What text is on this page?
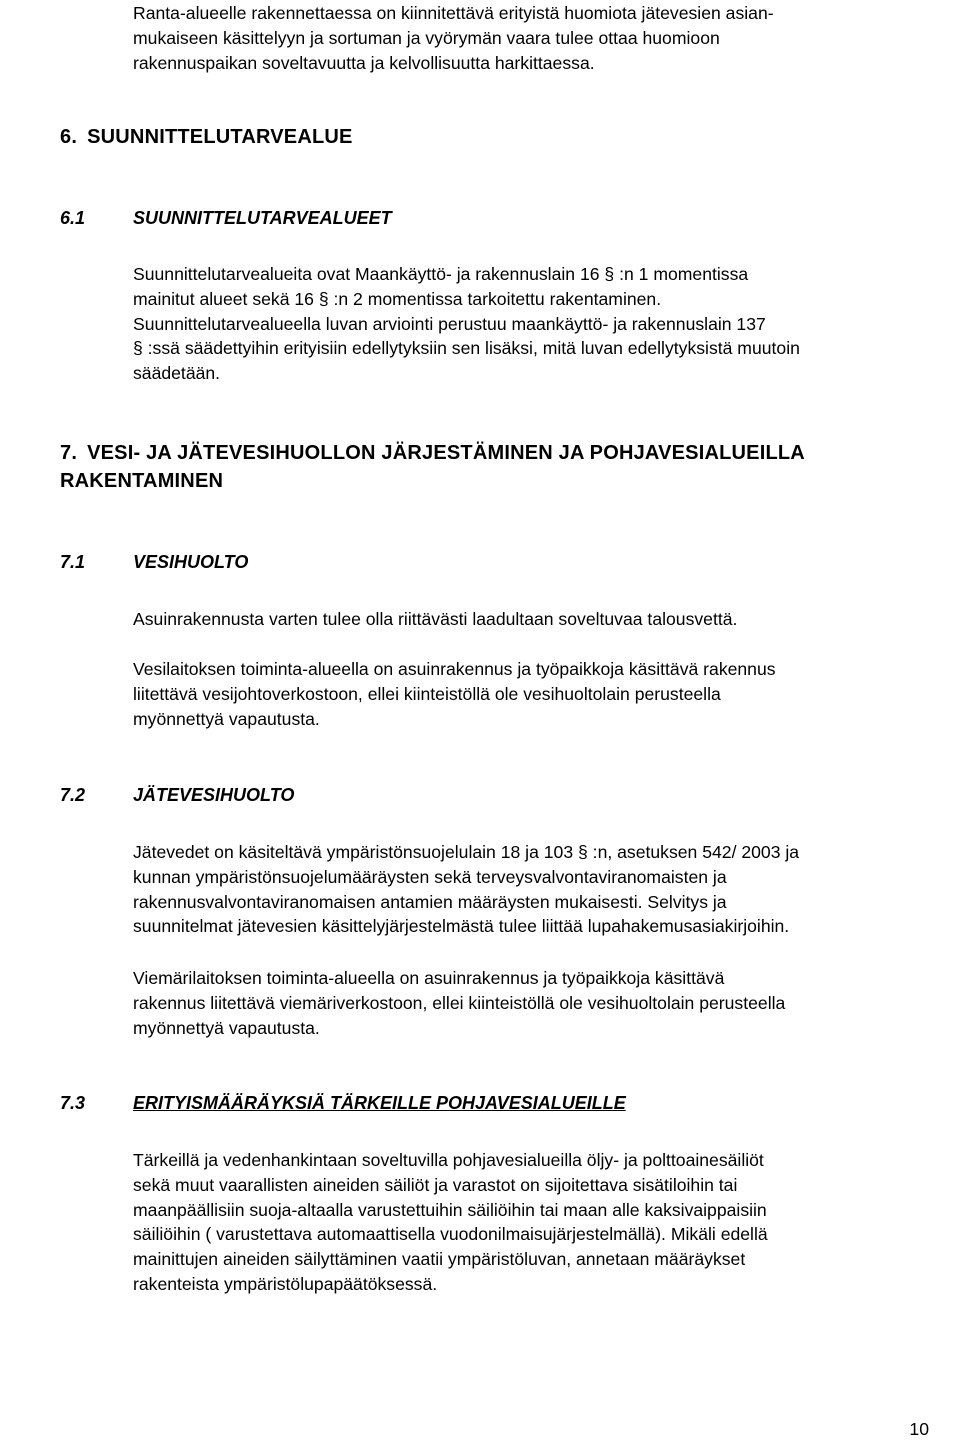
Ranta-alueelle rakennettaessa on kiinnitettävä erityistä huomiota jätevesien asian-
mukaiseen käsittelyyn ja sortuman ja vyörymän vaara tulee ottaa huomioon
rakennuspaikan soveltavuutta ja kelvollisuutta harkittaessa.
6. SUUNNITTELUTARVEALUE
6.1	SUUNNITTELUTARVEALUEET
Suunnittelutarvealueita ovat Maankäyttö- ja rakennuslain 16 § :n 1 momentissa
mainitut alueet sekä 16 § :n 2 momentissa tarkoitettu rakentaminen.
Suunnittelutarvealueella luvan arviointi perustuu maankäyttö- ja rakennuslain 137
§ :ssä säädettyihin erityisiin edellytyksiin sen lisäksi, mitä luvan edellytyksistä muutoin
säädetään.
7. VESI- JA JÄTEVESIHUOLLON JÄRJESTÄMINEN JA POHJAVESIALUEILLA
RAKENTAMINEN
7.1	VESIHUOLTO
Asuinrakennusta varten tulee olla riittävästi laadultaan soveltuvaa talousvettä.
Vesilaitoksen toiminta-alueella on asuinrakennus ja työpaikkoja käsittävä rakennus
liitettävä vesijohtoverkostoon, ellei kiinteistöllä ole vesihuoltolain perusteella
myönnettyä vapautusta.
7.2	JÄTEVESIHUOLTO
Jätevedet on käsiteltävä ympäristönsuojelulain 18 ja 103 § :n, asetuksen 542/ 2003 ja
kunnan ympäristönsuojelumääräysten sekä terveysvalvontaviranomaisten ja
rakennusvalvontaviranomaisen antamien määräysten mukaisesti. Selvitys ja
suunnitelmat jätevesien käsittelyjärjestelmästä tulee liittää lupahakemusasiakirjoihin.
Viemärilaitoksen toiminta-alueella on asuinrakennus ja työpaikkoja käsittävä
rakennus liitettävä viemäriverkostoon, ellei kiinteistöllä ole vesihuoltolain perusteella
myönnettyä vapautusta.
7.3	ERITYISMÄÄRÄYKSIÄ TÄRKEILLE POHJAVESIALUEILLE
Tärkeillä ja vedenhankintaan soveltuvilla pohjavesialueilla öljy- ja polttoainesäiliöt
sekä muut vaarallisten aineiden säiliöt ja varastot on sijoitettava sisätiloihin tai
maanpäällisiin suoja-altaalla varustettuihin säiliöihin tai maan alle kaksivaippaisiin
säiliöihin ( varustettava automaattisella vuodonilmaisujärjestelmällä). Mikäli edellä
mainittujen aineiden säilyttäminen vaatii ympäristöluvan, annetaan määräykset
rakenteista ympäristölupapäätöksessä.
10
